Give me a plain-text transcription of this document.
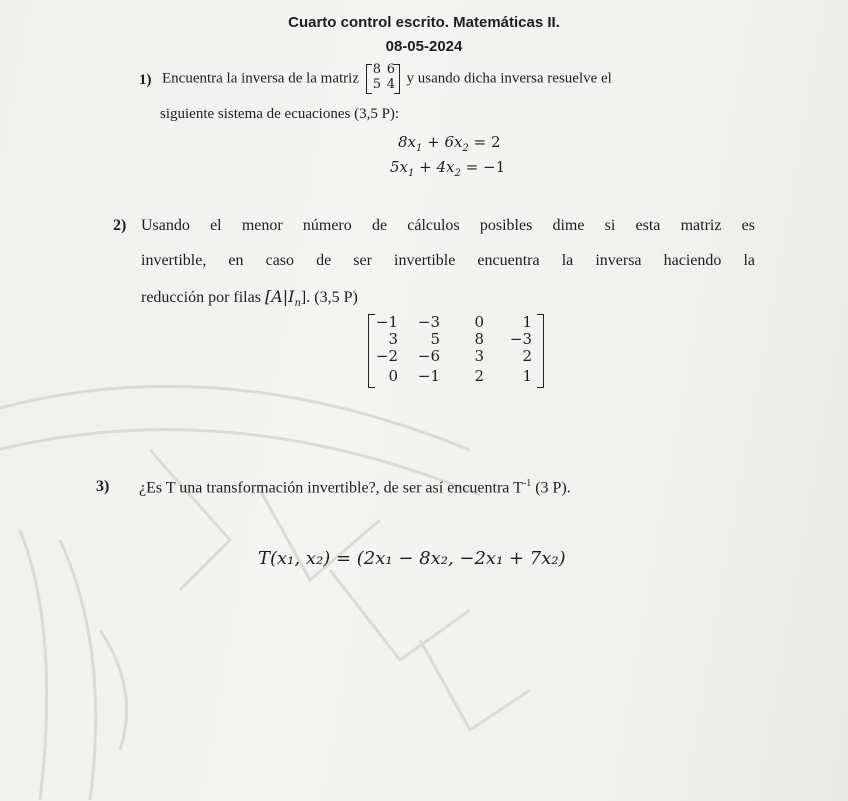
Cuarto control escrito. Matemáticas II.
08-05-2024
1) Encuentra la inversa de la matriz
8 6
5 4 y usando dicha inversa resuelve el
siguiente sistema de ecuaciones (3,5 P):
$8x_1 + 6x_2 = 2$
$5x_1 + 4x_2 = -1$
2) Usando el menor número de cálculos posibles dime si esta matriz es
invertible, en caso de ser invertible encuentra la inversa haciendo la
reducción por filas $[A|I_n]$. (3,5 P)
−1	−3	0	1
3	5	8	−3
−2	−6	3	2
0	−1	2	1
3) ¿Es T una transformación invertible?, de ser así encuentra $T^{-1}$ (3 P).
T(x₁, x₂) = (2x₁ − 8x₂, −2x₁ + 7x₂)
